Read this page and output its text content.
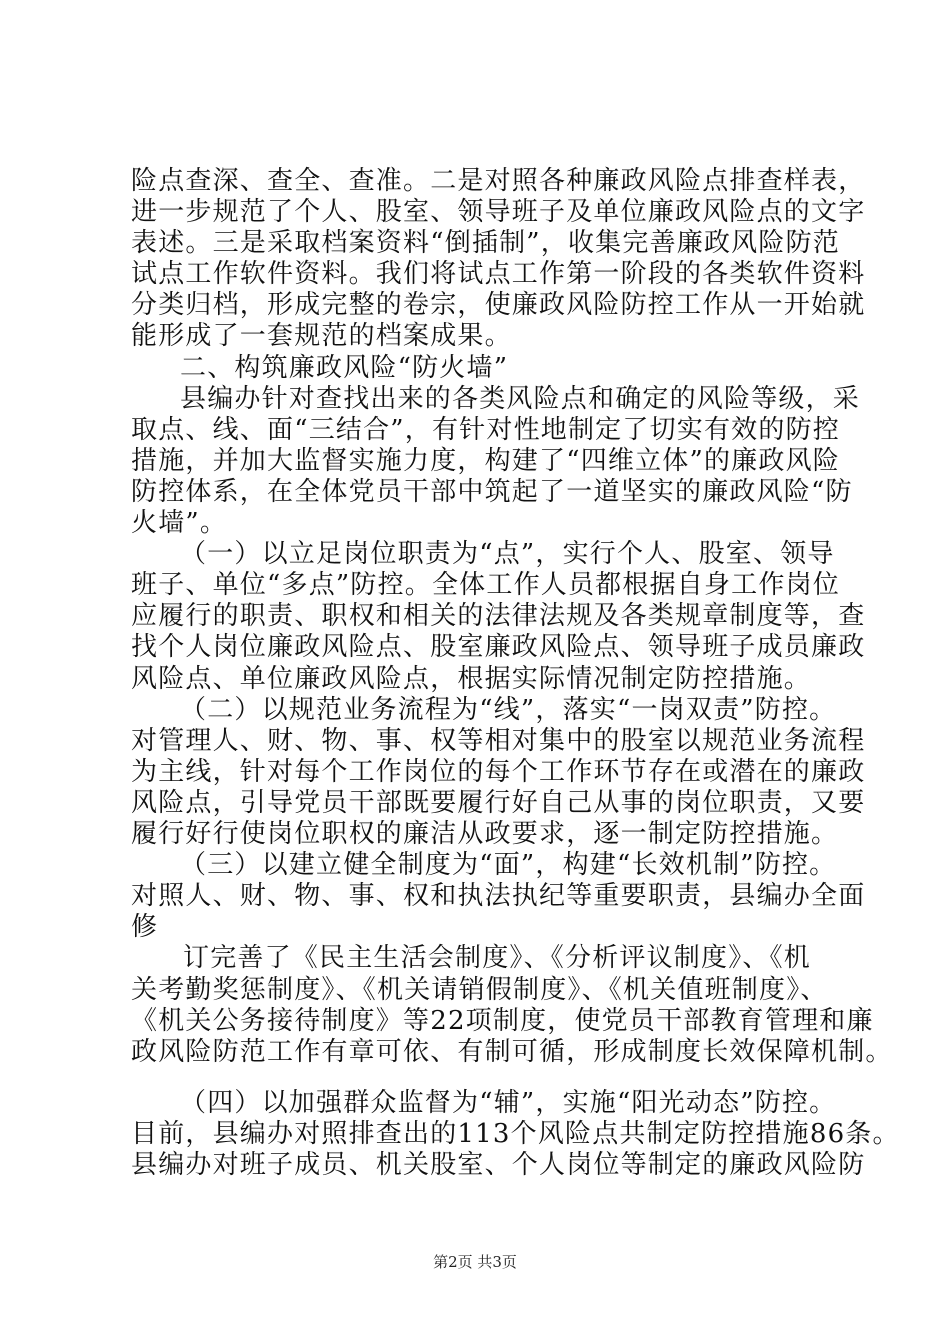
险点查深、查全、查准。二是对照各种廉政风险点排查样表，
进一步规范了个人、股室、领导班子及单位廉政风险点的文字
表述。三是采取档案资料“倒插制”，收集完善廉政风险防范
试点工作软件资料。我们将试点工作第一阶段的各类软件资料
分类归档，形成完整的卷宗，使廉政风险防控工作从一开始就
能形成了一套规范的档案成果。
二、构筑廉政风险“防火墙”
县编办针对查找出来的各类风险点和确定的风险等级，采
取点、线、面“三结合”，有针对性地制定了切实有效的防控
措施，并加大监督实施力度，构建了“四维立体”的廉政风险
防控体系，在全体党员干部中筑起了一道坚实的廉政风险“防
火墙”。
（一）以立足岗位职责为“点”，实行个人、股室、领导
班子、单位“多点”防控。全体工作人员都根据自身工作岗位
应履行的职责、职权和相关的法律法规及各类规章制度等，查
找个人岗位廉政风险点、股室廉政风险点、领导班子成员廉政
风险点、单位廉政风险点，根据实际情况制定防控措施。
（二）以规范业务流程为“线”，落实“一岗双责”防控。
对管理人、财、物、事、权等相对集中的股室以规范业务流程
为主线，针对每个工作岗位的每个工作环节存在或潜在的廉政
风险点，引导党员干部既要履行好自己从事的岗位职责，又要
履行好行使岗位职权的廉洁从政要求，逐一制定防控措施。
（三）以建立健全制度为“面”，构建“长效机制”防控。
对照人、财、物、事、权和执法执纪等重要职责，县编办全面
修
订完善了《民主生活会制度》、《分析评议制度》、《机
关考勤奖惩制度》、《机关请销假制度》、《机关值班制度》、
《机关公务接待制度》等22项制度，使党员干部教育管理和廉
政风险防范工作有章可依、有制可循，形成制度长效保障机制。
（四）以加强群众监督为“辅”，实施“阳光动态”防控。
目前，县编办对照排查出的113个风险点共制定防控措施86条。
县编办对班子成员、机关股室、个人岗位等制定的廉政风险防
第2页 共3页
